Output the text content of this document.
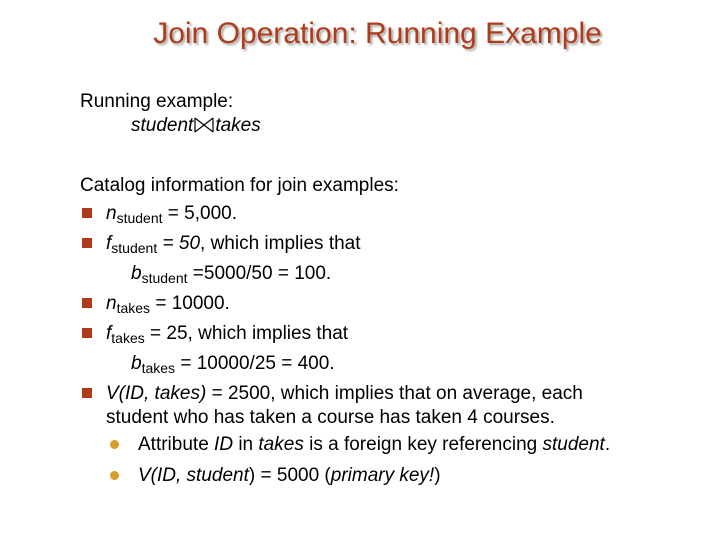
Join Operation: Running Example
Running example:
student takes
Catalog information for join examples:
$n_{student} = 5,000$.
$f_{student} = 50$, which implies that
$b_{student} =5000/50 = 100$.
$n_{takes} = 10000$.
$f_{takes} = 25$, which implies that
$b_{takes} = 10000/25 = 400$.
V(ID, takes) = 2500, which implies that on average, each
student who has taken a course has taken 4 courses.
Attribute ID in takes is a foreign key referencing student.
V(ID, student) = 5000 (primary key!)
